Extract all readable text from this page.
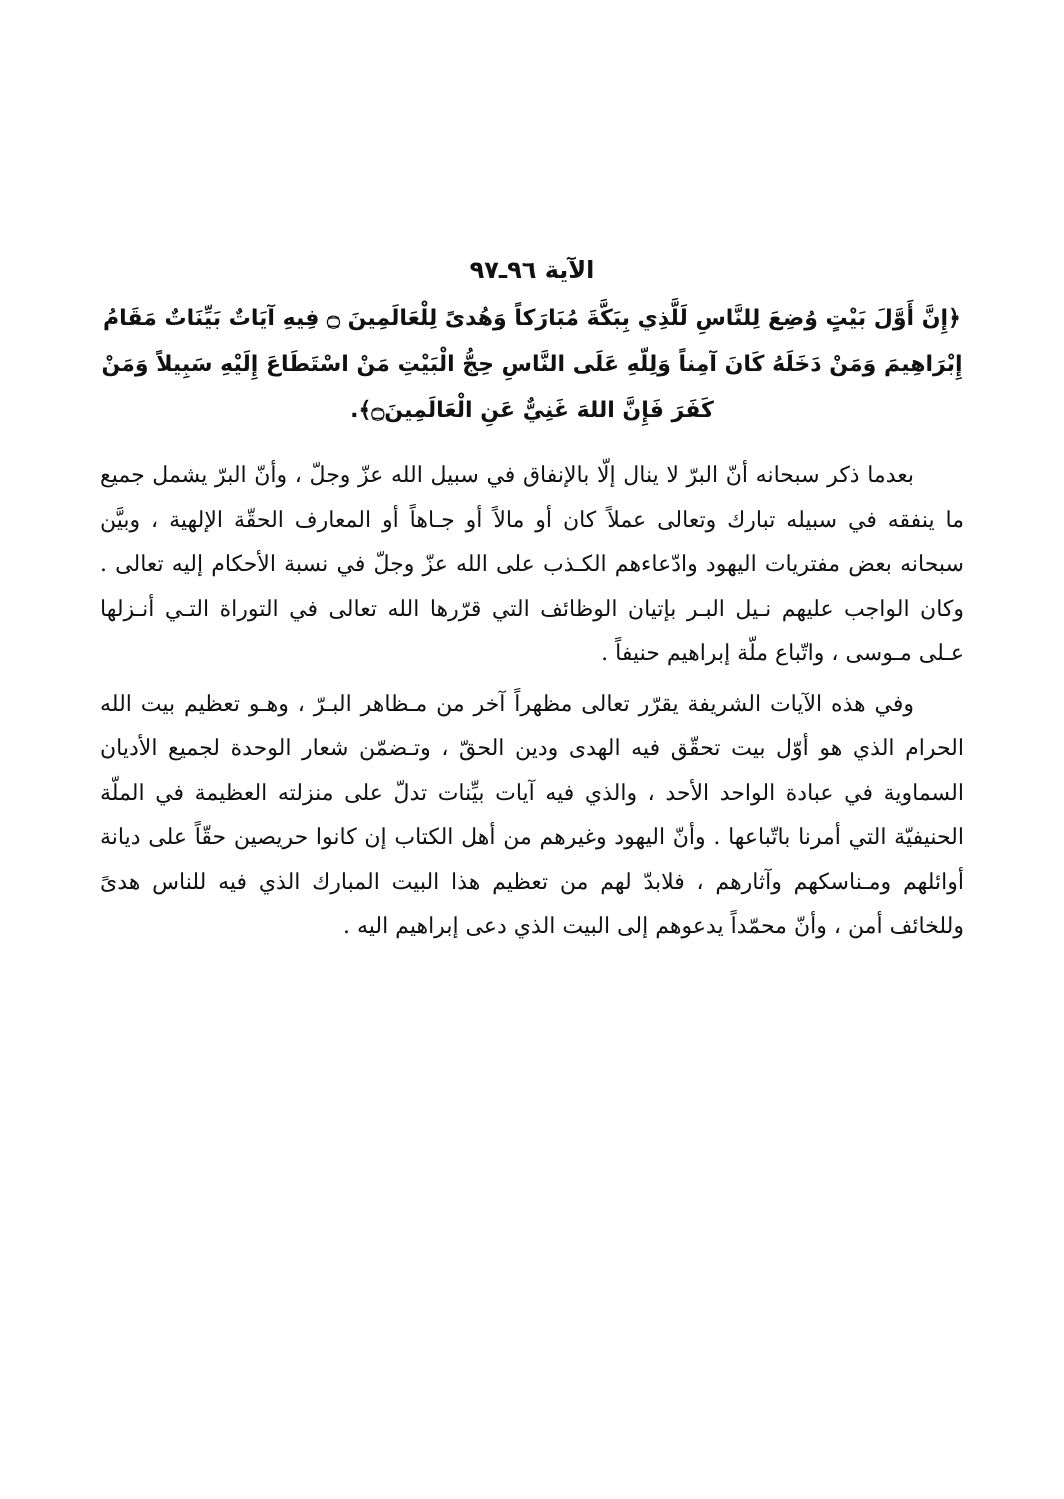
الآية ٩٦ـ٩٧
﴿إِنَّ أَوَّلَ بَيْتٍ وُضِعَ لِلنَّاسِ لَلَّذِي بِبَكَّةَ مُبَارَكاً وَهُدىً لِلْعَالَمِينَ ۝ فِيهِ آيَاتٌ بَيِّنَاتٌ مَقَامُ إِبْرَاهِيمَ وَمَنْ دَخَلَهُ كَانَ آمِناً وَلِلّهِ عَلَى النَّاسِ حِجُّ الْبَيْتِ مَنْ اسْتَطَاعَ إِلَيْهِ سَبِيلاً وَمَنْ كَفَرَ فَإِنَّ اللهَ غَنِيٌّ عَنِ الْعَالَمِينَ۝﴾.

بعدما ذكر سبحانه أنّ البرّ لا ينال إلّا بالإنفاق في سبيل الله عزّ وجلّ ، وأنّ البرّ يشمل جميع ما ينفقه في سبيله تبارك وتعالى عملاً كان أو مالاً أو جـاهاً أو المعارف الحقّة الإلهية ، وبيَّن سبحانه بعض مفتريات اليهود وادّعاءهم الكـذب على الله عزّ وجلّ في نسبة الأحكام إليه تعالى . وكان الواجب عليهم نـيل البـر بإتيان الوظائف التي قرّرها الله تعالى في التوراة التـي أنـزلها عـلى مـوسى ، واتّباع ملّة إبراهيم حنيفاً .

وفي هذه الآيات الشريفة يقرّر تعالى مظهراً آخر من مـظاهر البـرّ ، وهـو تعظيم بيت الله الحرام الذي هو أوّل بيت تحقّق فيه الهدى ودين الحقّ ، وتـضمّن شعار الوحدة لجميع الأديان السماوية في عبادة الواحد الأحد ، والذي فيه آيات بيِّنات تدلّ على منزلته العظيمة في الملّة الحنيفيّة التي أمرنا باتّباعها . وأنّ اليهود وغيرهم من أهل الكتاب إن كانوا حريصين حقّاً على ديانة أوائلهم ومـناسكهم وآثارهم ، فلابدّ لهم من تعظيم هذا البيت المبارك الذي فيه للناس هدىً وللخائف أمن ، وأنّ محمّداً يدعوهم إلى البيت الذي دعى إبراهيم اليه .
